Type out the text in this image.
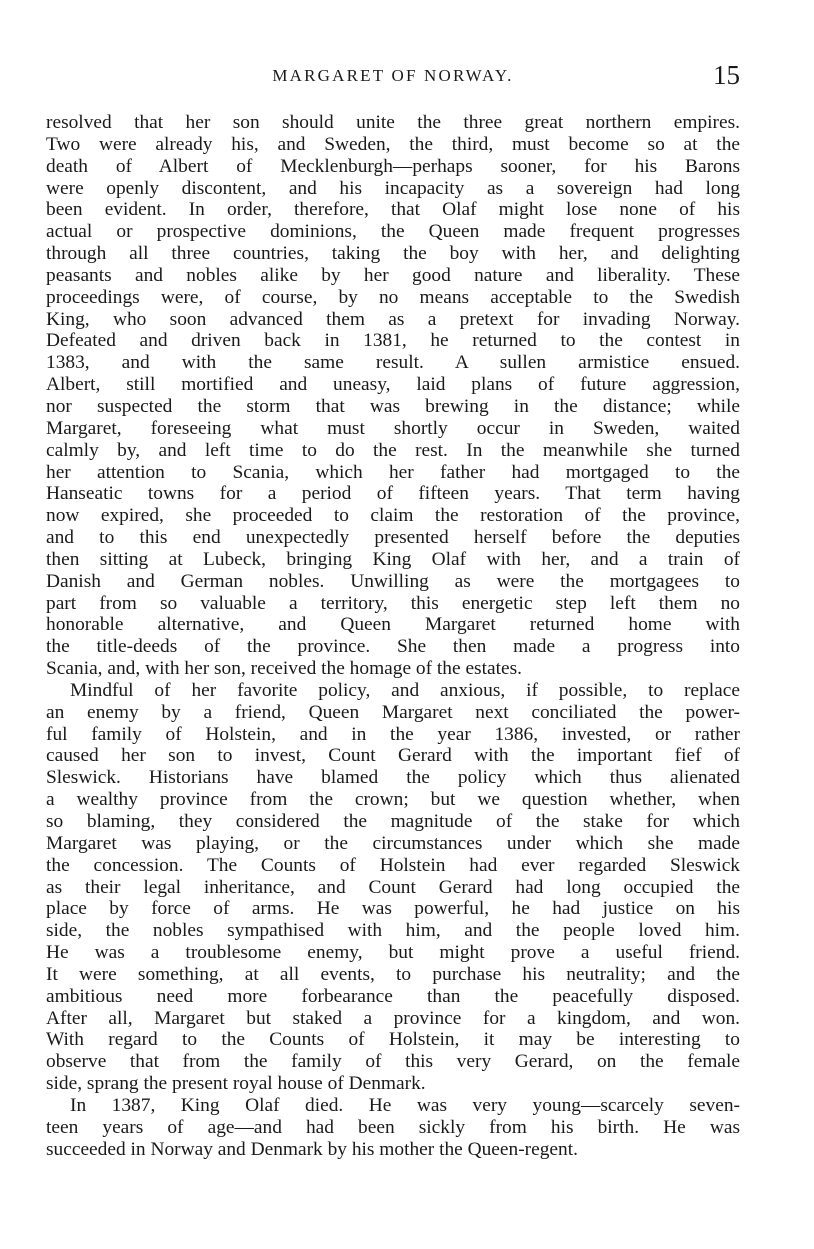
MARGARET OF NORWAY.	15
resolved that her son should unite the three great northern empires.
Two were already his, and Sweden, the third, must become so at the
death of Albert of Mecklenburgh—perhaps sooner, for his Barons
were openly discontent, and his incapacity as a sovereign had long
been evident. In order, therefore, that Olaf might lose none of his
actual or prospective dominions, the Queen made frequent progresses
through all three countries, taking the boy with her, and delighting
peasants and nobles alike by her good nature and liberality. These
proceedings were, of course, by no means acceptable to the Swedish
King, who soon advanced them as a pretext for invading Norway.
Defeated and driven back in 1381, he returned to the contest in
1383, and with the same result. A sullen armistice ensued.
Albert, still mortified and uneasy, laid plans of future aggression,
nor suspected the storm that was brewing in the distance; while
Margaret, foreseeing what must shortly occur in Sweden, waited
calmly by, and left time to do the rest. In the meanwhile she turned
her attention to Scania, which her father had mortgaged to the
Hanseatic towns for a period of fifteen years. That term having
now expired, she proceeded to claim the restoration of the province,
and to this end unexpectedly presented herself before the deputies
then sitting at Lubeck, bringing King Olaf with her, and a train of
Danish and German nobles. Unwilling as were the mortgagees to
part from so valuable a territory, this energetic step left them no
honorable alternative, and Queen Margaret returned home with
the title-deeds of the province. She then made a progress into
Scania, and, with her son, received the homage of the estates.
Mindful of her favorite policy, and anxious, if possible, to replace
an enemy by a friend, Queen Margaret next conciliated the power-
ful family of Holstein, and in the year 1386, invested, or rather
caused her son to invest, Count Gerard with the important fief of
Sleswick. Historians have blamed the policy which thus alienated
a wealthy province from the crown; but we question whether, when
so blaming, they considered the magnitude of the stake for which
Margaret was playing, or the circumstances under which she made
the concession. The Counts of Holstein had ever regarded Sleswick
as their legal inheritance, and Count Gerard had long occupied the
place by force of arms. He was powerful, he had justice on his
side, the nobles sympathised with him, and the people loved him.
He was a troublesome enemy, but might prove a useful friend.
It were something, at all events, to purchase his neutrality; and the
ambitious need more forbearance than the peacefully disposed.
After all, Margaret but staked a province for a kingdom, and won.
With regard to the Counts of Holstein, it may be interesting to
observe that from the family of this very Gerard, on the female
side, sprang the present royal house of Denmark.
In 1387, King Olaf died. He was very young—scarcely seven-
teen years of age—and had been sickly from his birth. He was
succeeded in Norway and Denmark by his mother the Queen-regent.
